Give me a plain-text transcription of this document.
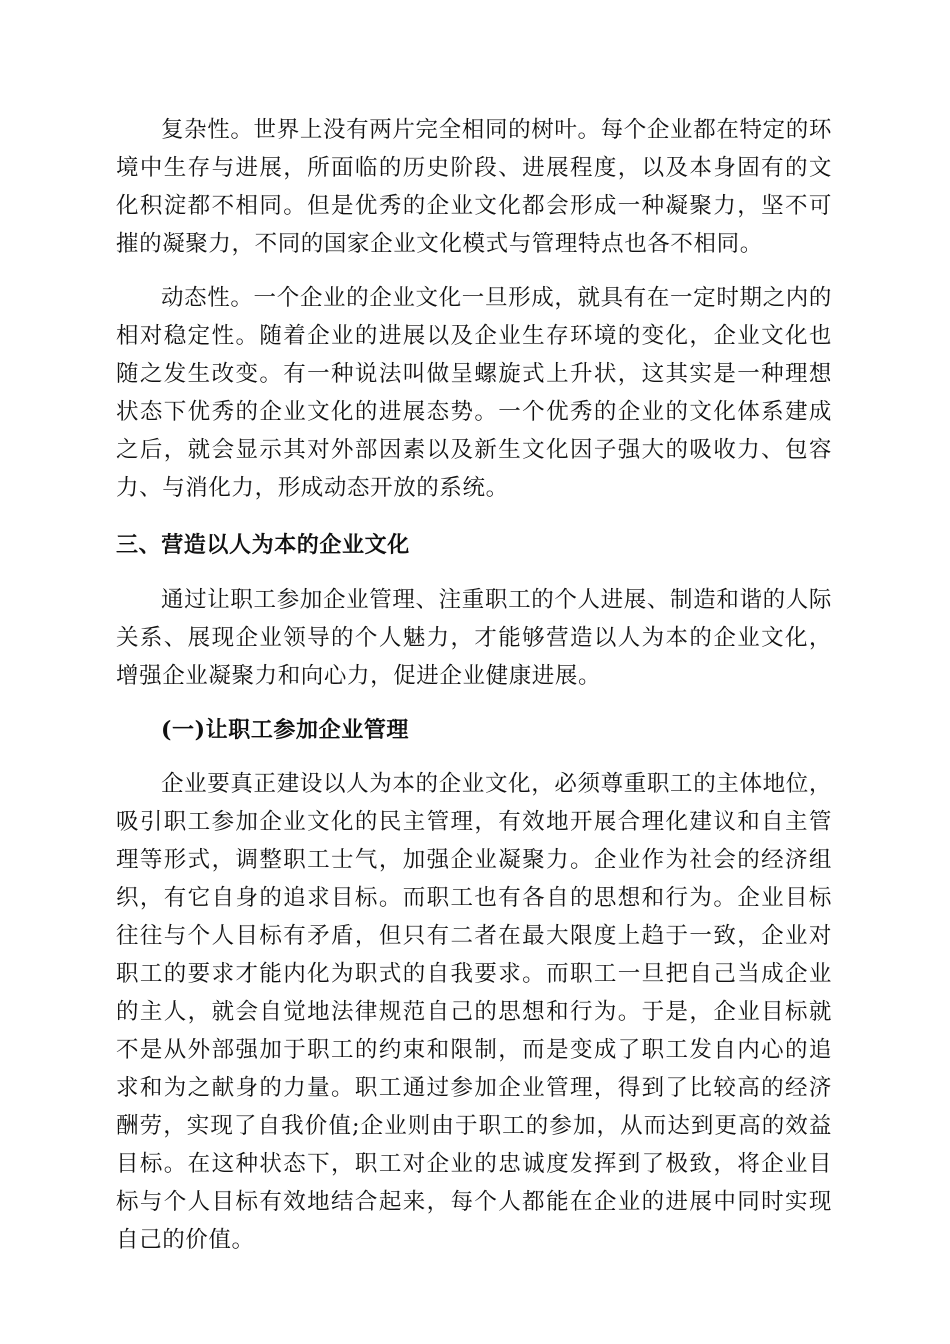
复杂性。世界上没有两片完全相同的树叶。每个企业都在特定的环境中生存与进展，所面临的历史阶段、进展程度，以及本身固有的文化积淀都不相同。但是优秀的企业文化都会形成一种凝聚力，坚不可摧的凝聚力，不同的国家企业文化模式与管理特点也各不相同。

动态性。一个企业的企业文化一旦形成，就具有在一定时期之内的相对稳定性。随着企业的进展以及企业生存环境的变化，企业文化也随之发生改变。有一种说法叫做呈螺旋式上升状，这其实是一种理想状态下优秀的企业文化的进展态势。一个优秀的企业的文化体系建成之后，就会显示其对外部因素以及新生文化因子强大的吸收力、包容力、与消化力，形成动态开放的系统。

三、营造以人为本的企业文化

通过让职工参加企业管理、注重职工的个人进展、制造和谐的人际关系、展现企业领导的个人魅力，才能够营造以人为本的企业文化，增强企业凝聚力和向心力，促进企业健康进展。

(一)让职工参加企业管理

企业要真正建设以人为本的企业文化，必须尊重职工的主体地位，吸引职工参加企业文化的民主管理，有效地开展合理化建议和自主管理等形式，调整职工士气，加强企业凝聚力。企业作为社会的经济组织，有它自身的追求目标。而职工也有各自的思想和行为。企业目标往往与个人目标有矛盾，但只有二者在最大限度上趋于一致，企业对职工的要求才能内化为职式的自我要求。而职工一旦把自己当成企业的主人，就会自觉地法律规范自己的思想和行为。于是，企业目标就不是从外部强加于职工的约束和限制，而是变成了职工发自内心的追求和为之献身的力量。职工通过参加企业管理，得到了比较高的经济酬劳，实现了自我价值;企业则由于职工的参加，从而达到更高的效益目标。在这种状态下，职工对企业的忠诚度发挥到了极致，将企业目标与个人目标有效地结合起来，每个人都能在企业的进展中同时实现自己的价值。
